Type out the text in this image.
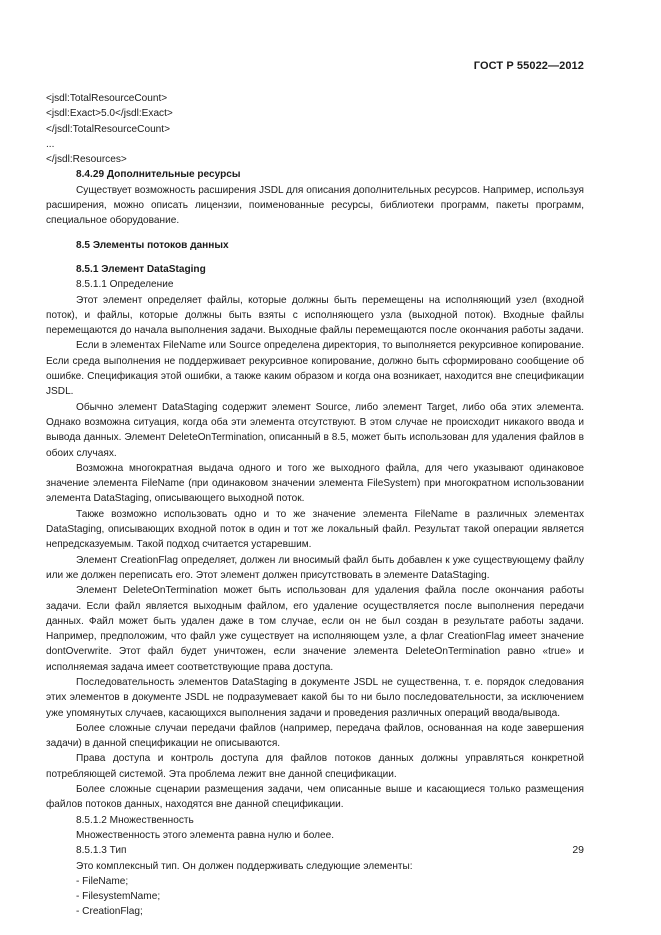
ГОСТ Р 55022—2012

<jsdl:TotalResourceCount>

<jsdl:Exact>5.0</jsdl:Exact>

</jsdl:TotalResourceCount>

...

</jsdl:Resources>

8.4.29 Дополнительные ресурсы

Существует возможность расширения JSDL для описания дополнительных ресурсов. Например, используя расширения, можно описать лицензии, поименованные ресурсы, библиотеки программ, пакеты программ, специальное оборудование.

8.5 Элементы потоков данных

8.5.1 Элемент DataStaging

8.5.1.1 Определение

Этот элемент определяет файлы, которые должны быть перемещены на исполняющий узел (входной поток), и файлы, которые должны быть взяты с исполняющего узла (выходной поток). Входные файлы перемещаются до начала выполнения задачи. Выходные файлы перемещаются после окончания работы задачи.

Если в элементах FileName или Source определена директория, то выполняется рекурсивное копирование. Если среда выполнения не поддерживает рекурсивное копирование, должно быть сформировано сообщение об ошибке. Спецификация этой ошибки, а также каким образом и когда она возникает, находится вне спецификации JSDL.

Обычно элемент DataStaging содержит элемент Source, либо элемент Target, либо оба этих элемента. Однако возможна ситуация, когда оба эти элемента отсутствуют. В этом случае не происходит никакого ввода и вывода данных. Элемент DeleteOnTermination, описанный в 8.5, может быть использован для удаления файлов в обоих случаях.

Возможна многократная выдача одного и того же выходного файла, для чего указывают одинаковое значение элемента FileName (при одинаковом значении элемента FileSystem) при многократном использовании элемента DataStaging, описывающего выходной поток.

Также возможно использовать одно и то же значение элемента FileName в различных элементах DataStaging, описывающих входной поток в один и тот же локальный файл. Результат такой операции является непредсказуемым. Такой подход считается устаревшим.

Элемент CreationFlag определяет, должен ли вносимый файл быть добавлен к уже существующему файлу или же должен переписать его. Этот элемент должен присутствовать в элементе DataStaging.

Элемент DeleteOnTermination может быть использован для удаления файла после окончания работы задачи. Если файл является выходным файлом, его удаление осуществляется после выполнения передачи данных. Файл может быть удален даже в том случае, если он не был создан в результате работы задачи. Например, предположим, что файл уже существует на исполняющем узле, а флаг CreationFlag имеет значение dontOverwrite. Этот файл будет уничтожен, если значение элемента DeleteOnTermination равно «true» и исполняемая задача имеет соответствующие права доступа.

Последовательность элементов DataStaging в документе JSDL не существенна, т. е. порядок следования этих элементов в документе JSDL не подразумевает какой бы то ни было последовательности, за исключением уже упомянутых случаев, касающихся выполнения задачи и проведения различных операций ввода/вывода.

Более сложные случаи передачи файлов (например, передача файлов, основанная на коде завершения задачи) в данной спецификации не описываются.

Права доступа и контроль доступа для файлов потоков данных должны управляться конкретной потребляющей системой. Эта проблема лежит вне данной спецификации.

Более сложные сценарии размещения задачи, чем описанные выше и касающиеся только размещения файлов потоков данных, находятся вне данной спецификации.

8.5.1.2 Множественность

Множественность этого элемента равна нулю и более.

8.5.1.3 Тип

Это комплексный тип. Он должен поддерживать следующие элементы:

- FileName;

- FilesystemName;

- CreationFlag;

29
